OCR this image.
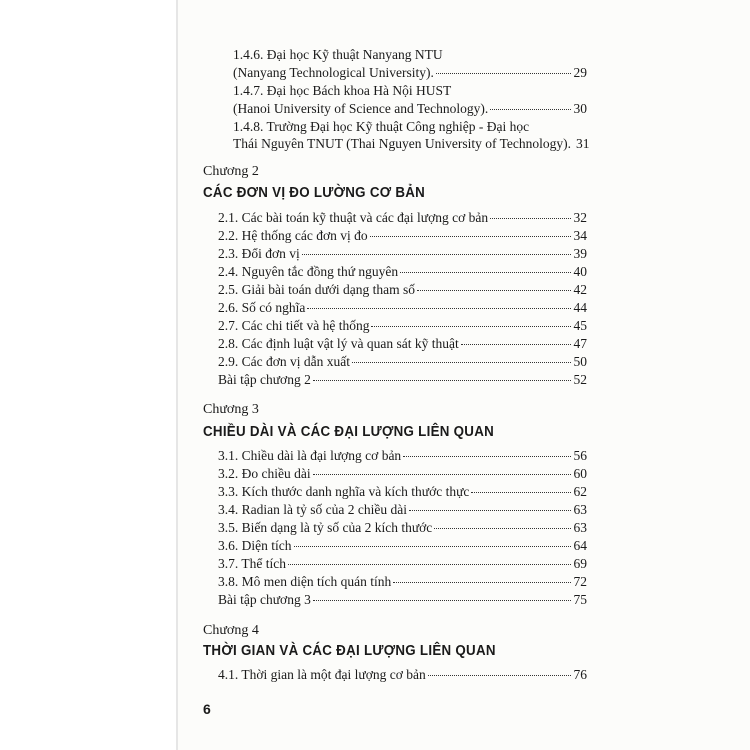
1.4.6. Đại học Kỹ thuật Nanyang NTU
(Nanyang Technological University).	29
1.4.7. Đại học Bách khoa Hà Nội HUST
(Hanoi University of Science and Technology).	30
1.4.8. Trường Đại học Kỹ thuật Công nghiệp - Đại học
Thái Nguyên TNUT (Thai Nguyen University of Technology). 31
Chương 2
CÁC ĐƠN VỊ ĐO LƯỜNG CƠ BẢN
2.1. Các bài toán kỹ thuật và các đại lượng cơ bản	32
2.2. Hệ thống các đơn vị đo	34
2.3. Đổi đơn vị	39
2.4. Nguyên tắc đồng thứ nguyên	40
2.5. Giải bài toán dưới dạng tham số	42
2.6. Số có nghĩa	44
2.7. Các chi tiết và hệ thống	45
2.8. Các định luật vật lý và quan sát kỹ thuật	47
2.9. Các đơn vị dẫn xuất	50
Bài tập chương 2	52
Chương 3
CHIỀU DÀI VÀ CÁC ĐẠI LƯỢNG LIÊN QUAN
3.1. Chiều dài là đại lượng cơ bản	56
3.2. Đo chiều dài	60
3.3. Kích thước danh nghĩa và kích thước thực	62
3.4. Radian là tỷ số của 2 chiều dài	63
3.5. Biến dạng là tỷ số của 2 kích thước	63
3.6. Diện tích	64
3.7. Thể tích	69
3.8. Mô men diện tích quán tính	72
Bài tập chương 3	75
Chương 4
THỜI GIAN VÀ CÁC ĐẠI LƯỢNG LIÊN QUAN
4.1. Thời gian là một đại lượng cơ bản	76
6
